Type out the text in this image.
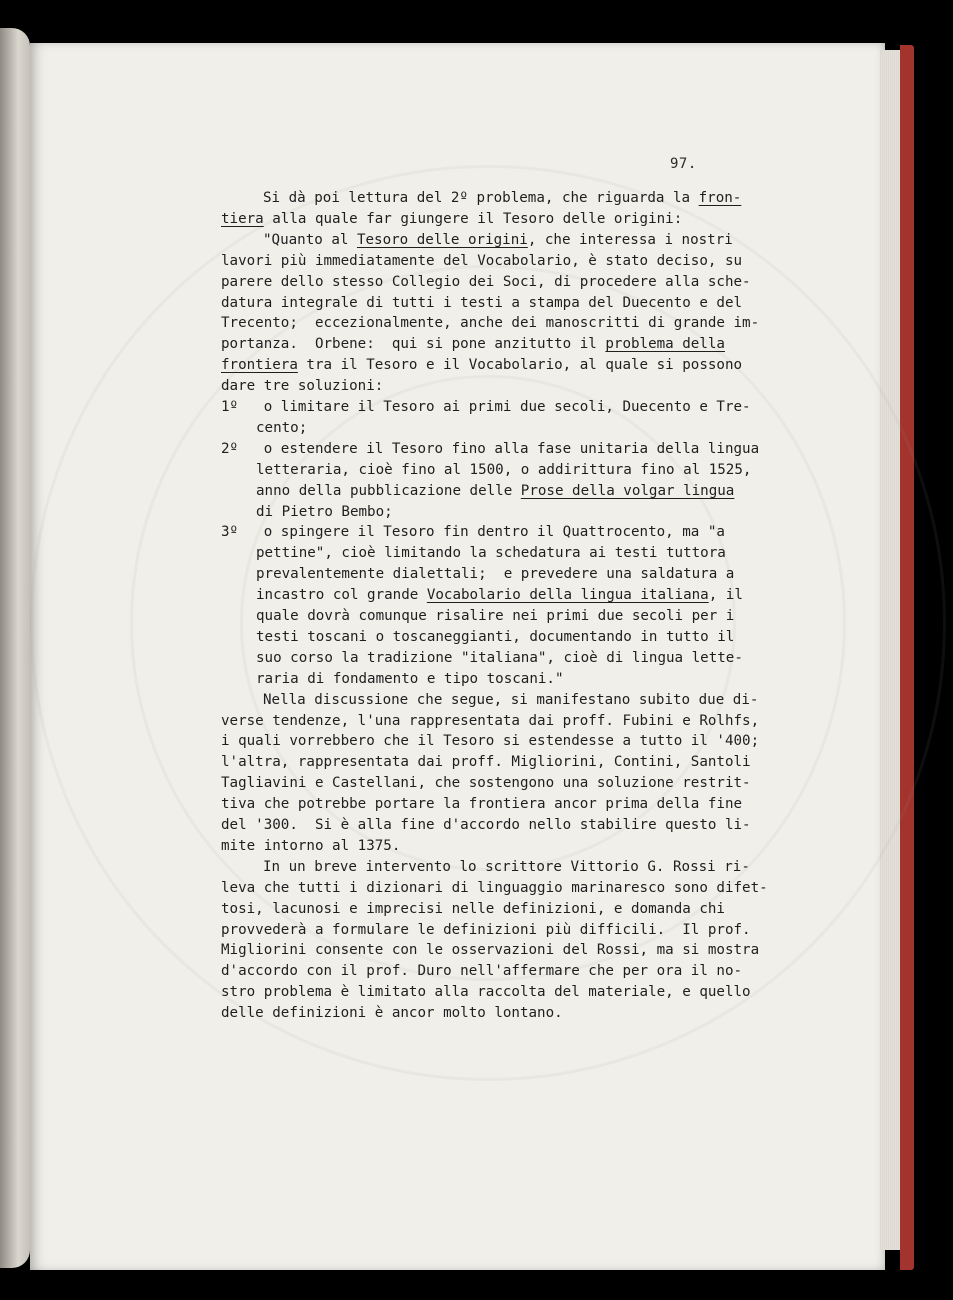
97.
Si dà poi lettura del 2º problema, che riguarda la fron-
tiera alla quale far giungere il Tesoro delle origini:
"Quanto al Tesoro delle origini, che interessa i nostri
lavori più immediatamente del Vocabolario, è stato deciso, su
parere dello stesso Collegio dei Soci, di procedere alla sche-
datura integrale di tutti i testi a stampa del Duecento e del
Trecento;  eccezionalmente, anche dei manoscritti di grande im-
portanza.  Orbene:  qui si pone anzitutto il problema della
frontiera tra il Tesoro e il Vocabolario, al quale si possono
dare tre soluzioni:
1º   o limitare il Tesoro ai primi due secoli, Duecento e Tre-
cento;
2º   o estendere il Tesoro fino alla fase unitaria della lingua
letteraria, cioè fino al 1500, o addirittura fino al 1525,
anno della pubblicazione delle Prose della volgar lingua
di Pietro Bembo;
3º   o spingere il Tesoro fin dentro il Quattrocento, ma "a
pettine", cioè limitando la schedatura ai testi tuttora
prevalentemente dialettali;  e prevedere una saldatura a
incastro col grande Vocabolario della lingua italiana, il
quale dovrà comunque risalire nei primi due secoli per i
testi toscani o toscaneggianti, documentando in tutto il
suo corso la tradizione "italiana", cioè di lingua lette-
raria di fondamento e tipo toscani."
Nella discussione che segue, si manifestano subito due di-
verse tendenze, l'una rappresentata dai proff. Fubini e Rolhfs,
i quali vorrebbero che il Tesoro si estendesse a tutto il '400;
l'altra, rappresentata dai proff. Migliorini, Contini, Santoli
Tagliavini e Castellani, che sostengono una soluzione restrit-
tiva che potrebbe portare la frontiera ancor prima della fine
del '300.  Si è alla fine d'accordo nello stabilire questo li-
mite intorno al 1375.
In un breve intervento lo scrittore Vittorio G. Rossi ri-
leva che tutti i dizionari di linguaggio marinaresco sono difet-
tosi, lacunosi e imprecisi nelle definizioni, e domanda chi
provvederà a formulare le definizioni più difficili.  Il prof.
Migliorini consente con le osservazioni del Rossi, ma si mostra
d'accordo con il prof. Duro nell'affermare che per ora il no-
stro problema è limitato alla raccolta del materiale, e quello
delle definizioni è ancor molto lontano.
